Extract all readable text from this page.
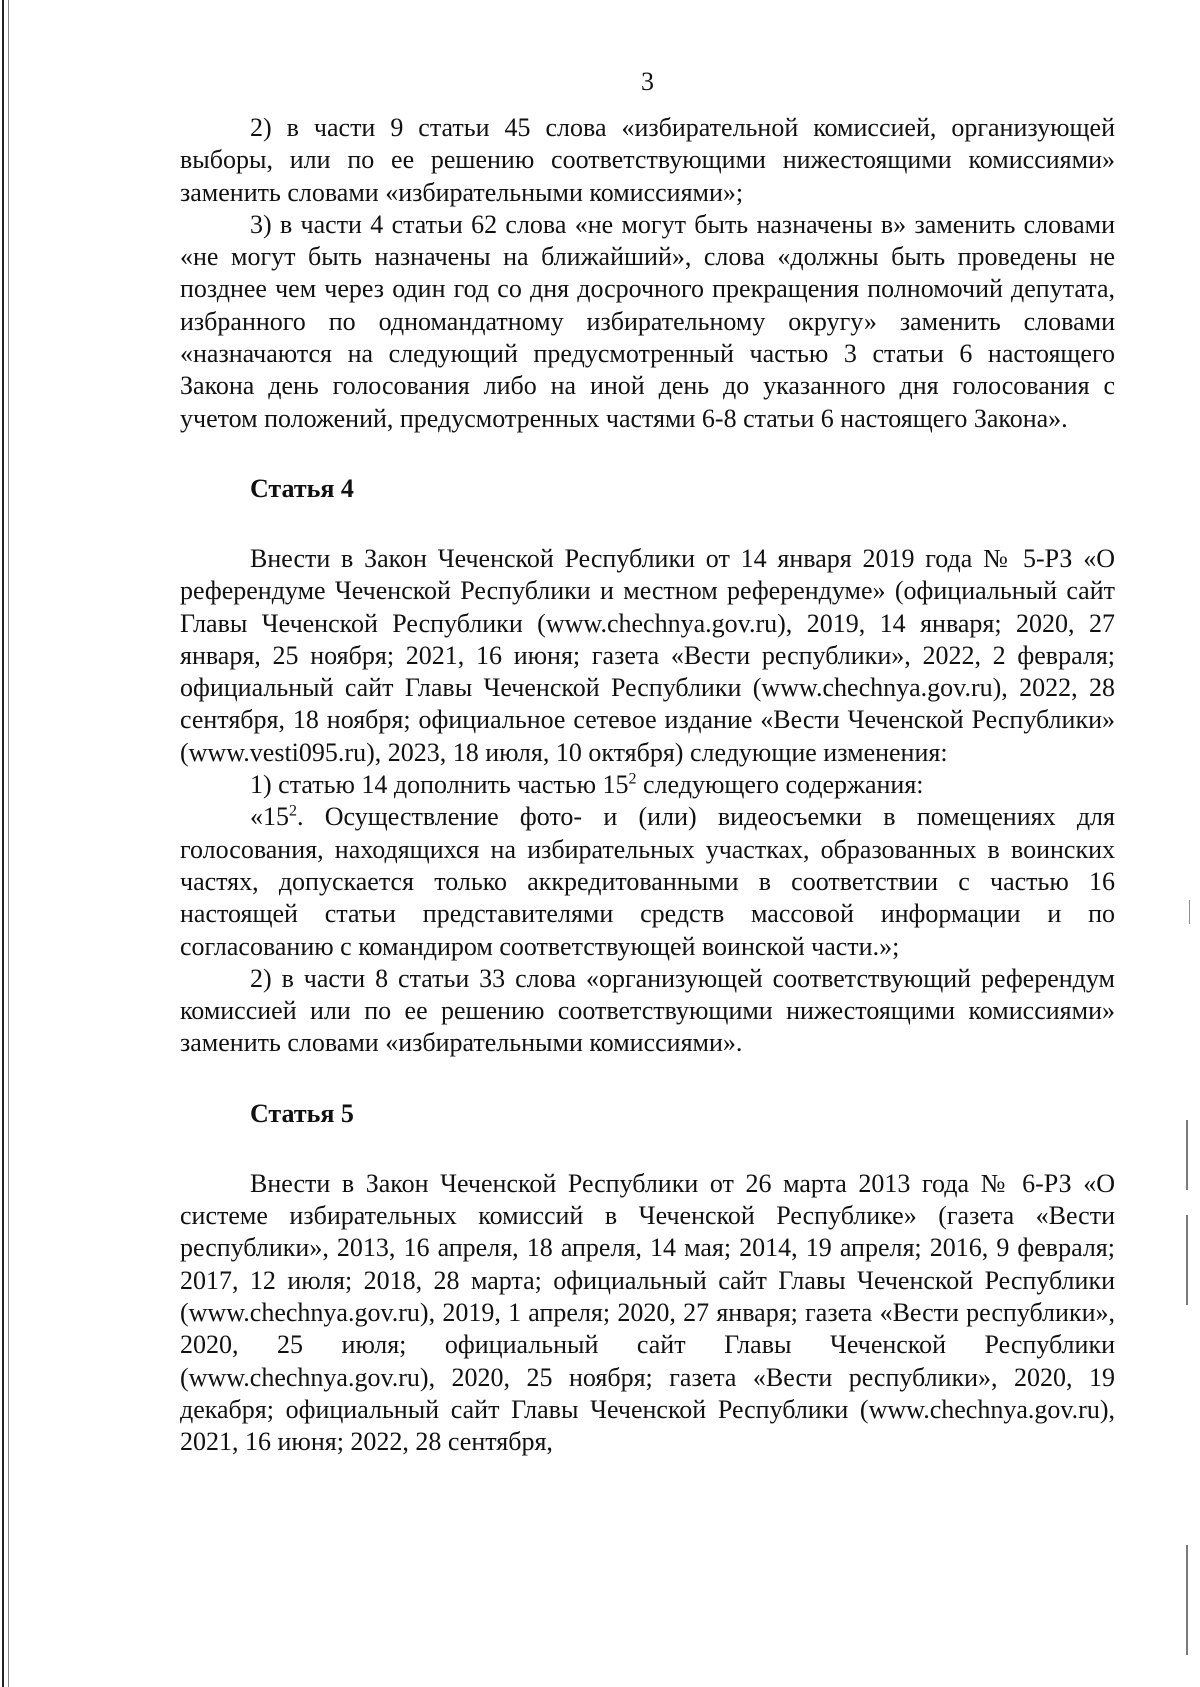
3

2) в части 9 статьи 45 слова «избирательной комиссией, организующей выборы, или по ее решению соответствующими нижестоящими комиссиями» заменить словами «избирательными комиссиями»;

3) в части 4 статьи 62 слова «не могут быть назначены в» заменить словами «не могут быть назначены на ближайший», слова «должны быть проведены не позднее чем через один год со дня досрочного прекращения полномочий депутата, избранного по одномандатному избирательному округу» заменить словами «назначаются на следующий предусмотренный частью 3 статьи 6 настоящего Закона день голосования либо на иной день до указанного дня голосования с учетом положений, предусмотренных частями 6-8 статьи 6 настоящего Закона».

Статья 4

Внести в Закон Чеченской Республики от 14 января 2019 года № 5-РЗ «О референдуме Чеченской Республики и местном референдуме» (официальный сайт Главы Чеченской Республики (www.chechnya.gov.ru), 2019, 14 января; 2020, 27 января, 25 ноября; 2021, 16 июня; газета «Вести республики», 2022, 2 февраля; официальный сайт Главы Чеченской Республики (www.chechnya.gov.ru), 2022, 28 сентября, 18 ноября; официальное сетевое издание «Вести Чеченской Республики» (www.vesti095.ru), 2023, 18 июля, 10 октября) следующие изменения:

1) статью 14 дополнить частью $15^2$ следующего содержания:

«$15^2$. Осуществление фото- и (или) видеосъемки в помещениях для голосования, находящихся на избирательных участках, образованных в воинских частях, допускается только аккредитованными в соответствии с частью 16 настоящей статьи представителями средств массовой информации и по согласованию с командиром соответствующей воинской части.»;

2) в части 8 статьи 33 слова «организующей соответствующий референдум комиссией или по ее решению соответствующими нижестоящими комиссиями» заменить словами «избирательными комиссиями».

Статья 5

Внести в Закон Чеченской Республики от 26 марта 2013 года № 6-РЗ «О системе избирательных комиссий в Чеченской Республике» (газета «Вести республики», 2013, 16 апреля, 18 апреля, 14 мая; 2014, 19 апреля; 2016, 9 февраля; 2017, 12 июля; 2018, 28 марта; официальный сайт Главы Чеченской Республики (www.chechnya.gov.ru), 2019, 1 апреля; 2020, 27 января; газета «Вести республики», 2020, 25 июля; официальный сайт Главы Чеченской Республики (www.chechnya.gov.ru), 2020, 25 ноября; газета «Вести республики», 2020, 19 декабря; официальный сайт Главы Чеченской Республики (www.chechnya.gov.ru), 2021, 16 июня; 2022, 28 сентября,
